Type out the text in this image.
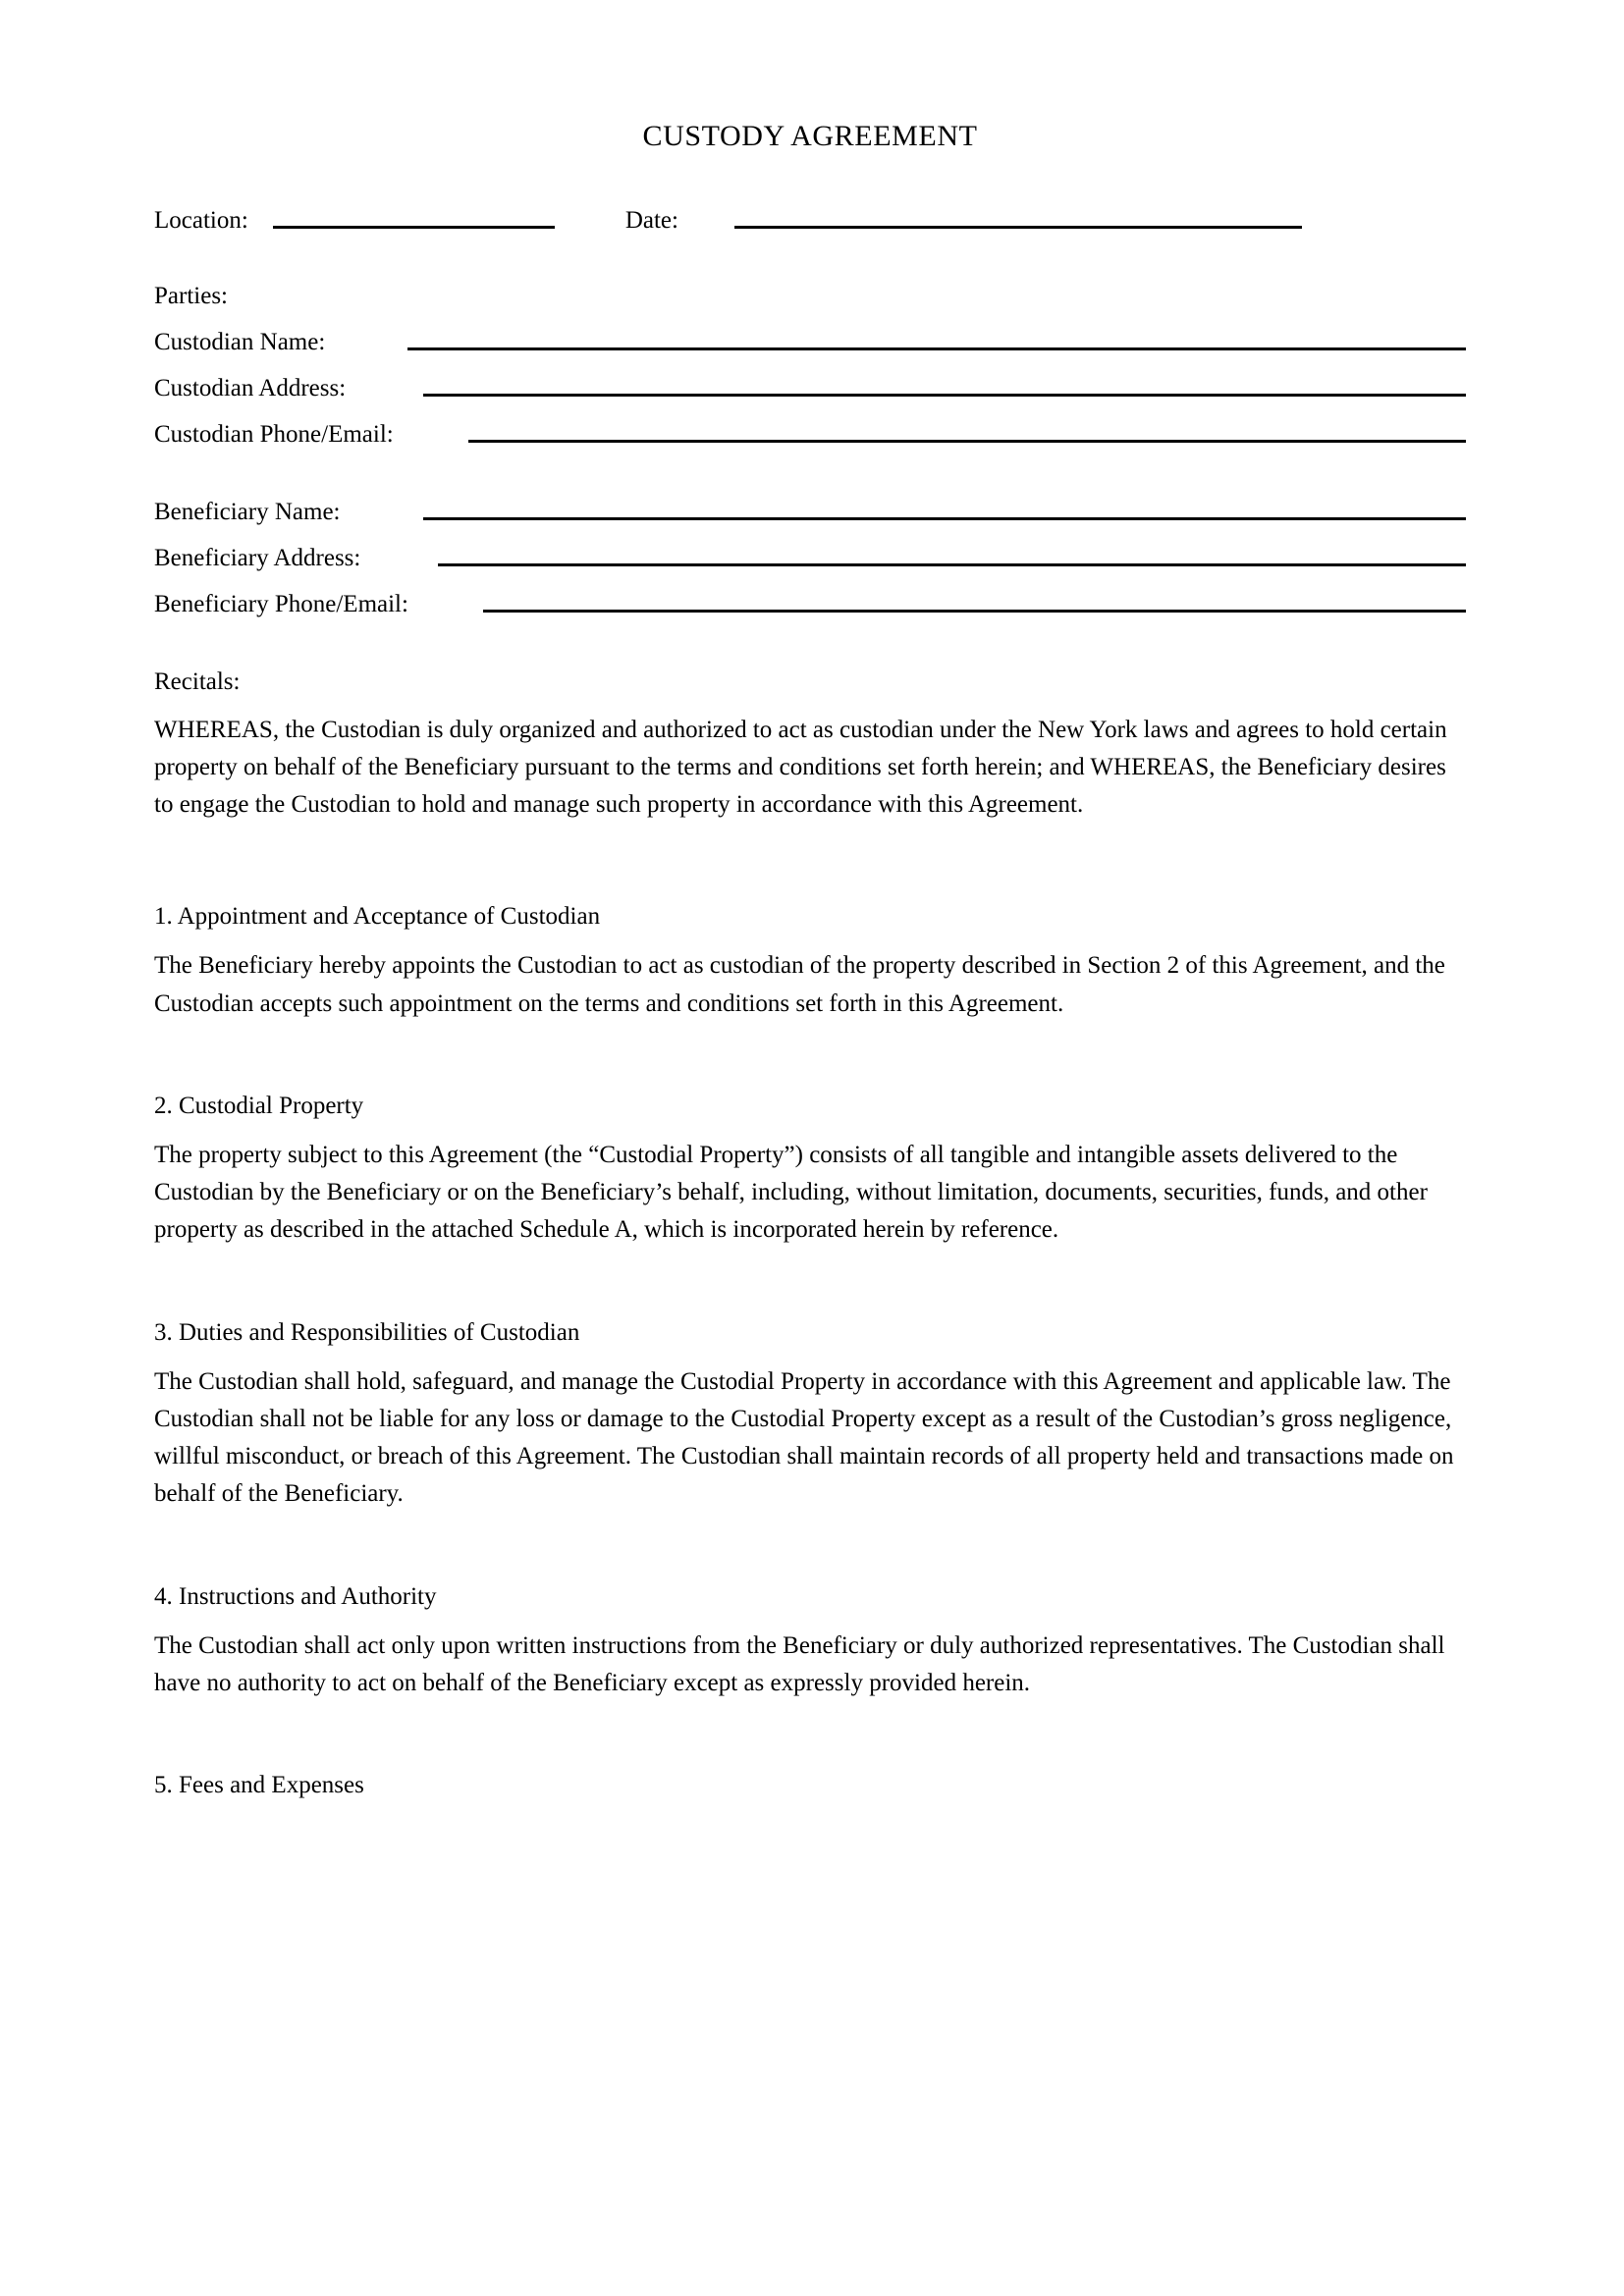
CUSTODY AGREEMENT
Location:	Date:
Parties:
Custodian Name:
Custodian Address:
Custodian Phone/Email:
Beneficiary Name:
Beneficiary Address:
Beneficiary Phone/Email:
Recitals:

WHEREAS, the Custodian is duly organized and authorized to act as custodian under the New York laws and agrees to hold certain property on behalf of the Beneficiary pursuant to the terms and conditions set forth herein; and WHEREAS, the Beneficiary desires to engage the Custodian to hold and manage such property in accordance with this Agreement.

1. Appointment and Acceptance of Custodian

The Beneficiary hereby appoints the Custodian to act as custodian of the property described in Section 2 of this Agreement, and the Custodian accepts such appointment on the terms and conditions set forth in this Agreement.

2. Custodial Property

The property subject to this Agreement (the “Custodial Property”) consists of all tangible and intangible assets delivered to the Custodian by the Beneficiary or on the Beneficiary’s behalf, including, without limitation, documents, securities, funds, and other property as described in the attached Schedule A, which is incorporated herein by reference.

3. Duties and Responsibilities of Custodian

The Custodian shall hold, safeguard, and manage the Custodial Property in accordance with this Agreement and applicable law. The Custodian shall not be liable for any loss or damage to the Custodial Property except as a result of the Custodian’s gross negligence, willful misconduct, or breach of this Agreement. The Custodian shall maintain records of all property held and transactions made on behalf of the Beneficiary.

4. Instructions and Authority

The Custodian shall act only upon written instructions from the Beneficiary or duly authorized representatives. The Custodian shall have no authority to act on behalf of the Beneficiary except as expressly provided herein.

5. Fees and Expenses
